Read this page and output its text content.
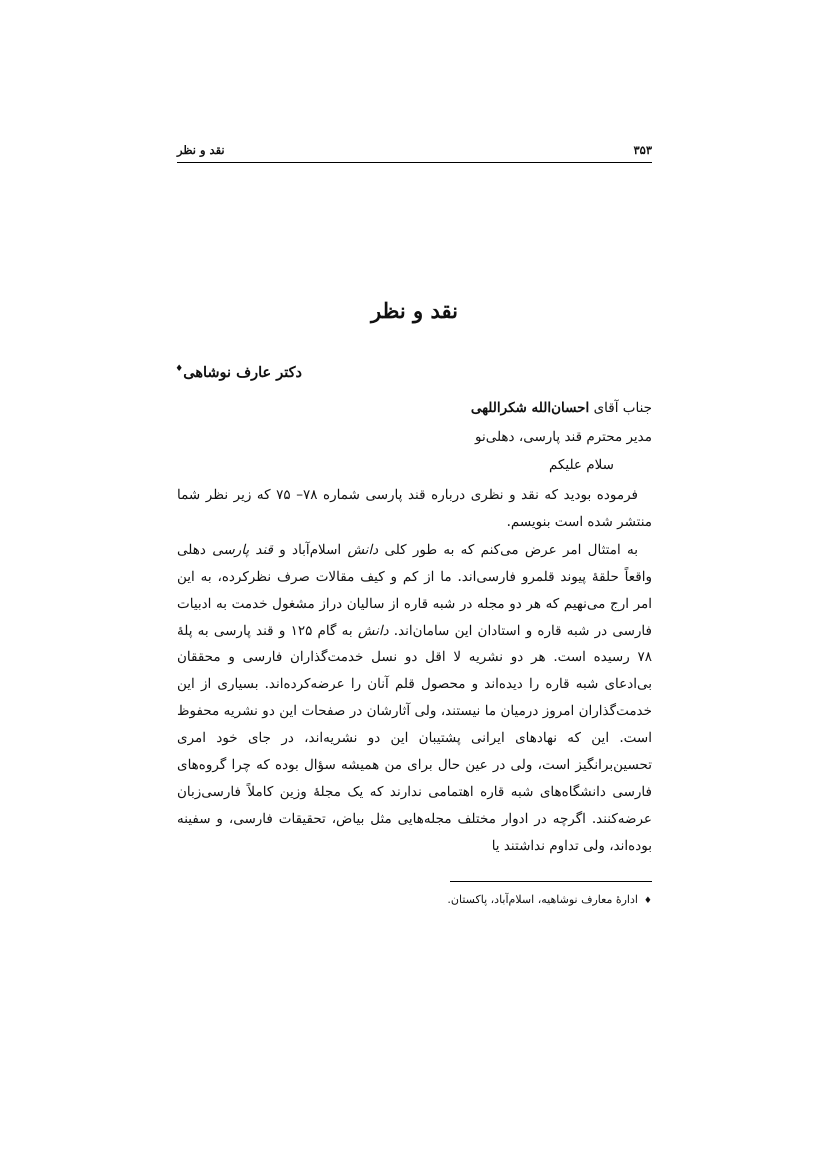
۳۵۳
نقد و نظر
نقد و نظر
دکتر عارف نوشاهی♦
جناب آقای احسان‌الله شکراللهی
مدیر محترم قند پارسی، دهلی‌نو
سلام علیکم

فرموده بودید که نقد و نظری درباره قند پارسی شماره ۷۸– ۷۵ که زیر نظر شما منتشر شده است بنویسم.

به امتثال امر عرض می‌کنم که به طور کلی دانش اسلام‌آباد و قند پارسی دهلی واقعاً حلقهٔ پیوند قلمرو فارسی‌اند. ما از کم و کیف مقالات صرف نظرکرده، به این امر ارج می‌نهیم که هر دو مجله در شبه قاره از سالیان دراز مشغول خدمت به ادبیات فارسی در شبه قاره و استادان این سامان‌اند. دانش به گام ۱۲۵ و قند پارسی به پلهٔ ۷۸ رسیده است. هر دو نشریه لا اقل دو نسل خدمت‌گذاران فارسی و محققان بی‌ادعای شبه قاره را دیده‌اند و محصول قلم آنان را عرضه‌کرده‌اند. بسیاری از این خدمت‌گذاران امروز درمیان ما نیستند، ولی آثارشان در صفحات این دو نشریه محفوظ است. این که نهادهای ایرانی پشتیبان این دو نشریه‌اند، در جای خود امری تحسین‌برانگیز است، ولی در عین حال برای من همیشه سؤال بوده که چرا گروه‌های فارسی دانشگاه‌های شبه قاره اهتمامی ندارند که یک مجلهٔ وزین کاملاً فارسی‌زبان عرضه‌کنند. اگرچه در ادوار مختلف مجله‌هایی مثل بیاض، تحقیقات فارسی، و سفینه بوده‌اند، ولی تداوم نداشتند یا

♦ادارهٔ معارف نوشاهیه، اسلام‌آباد، پاکستان.
